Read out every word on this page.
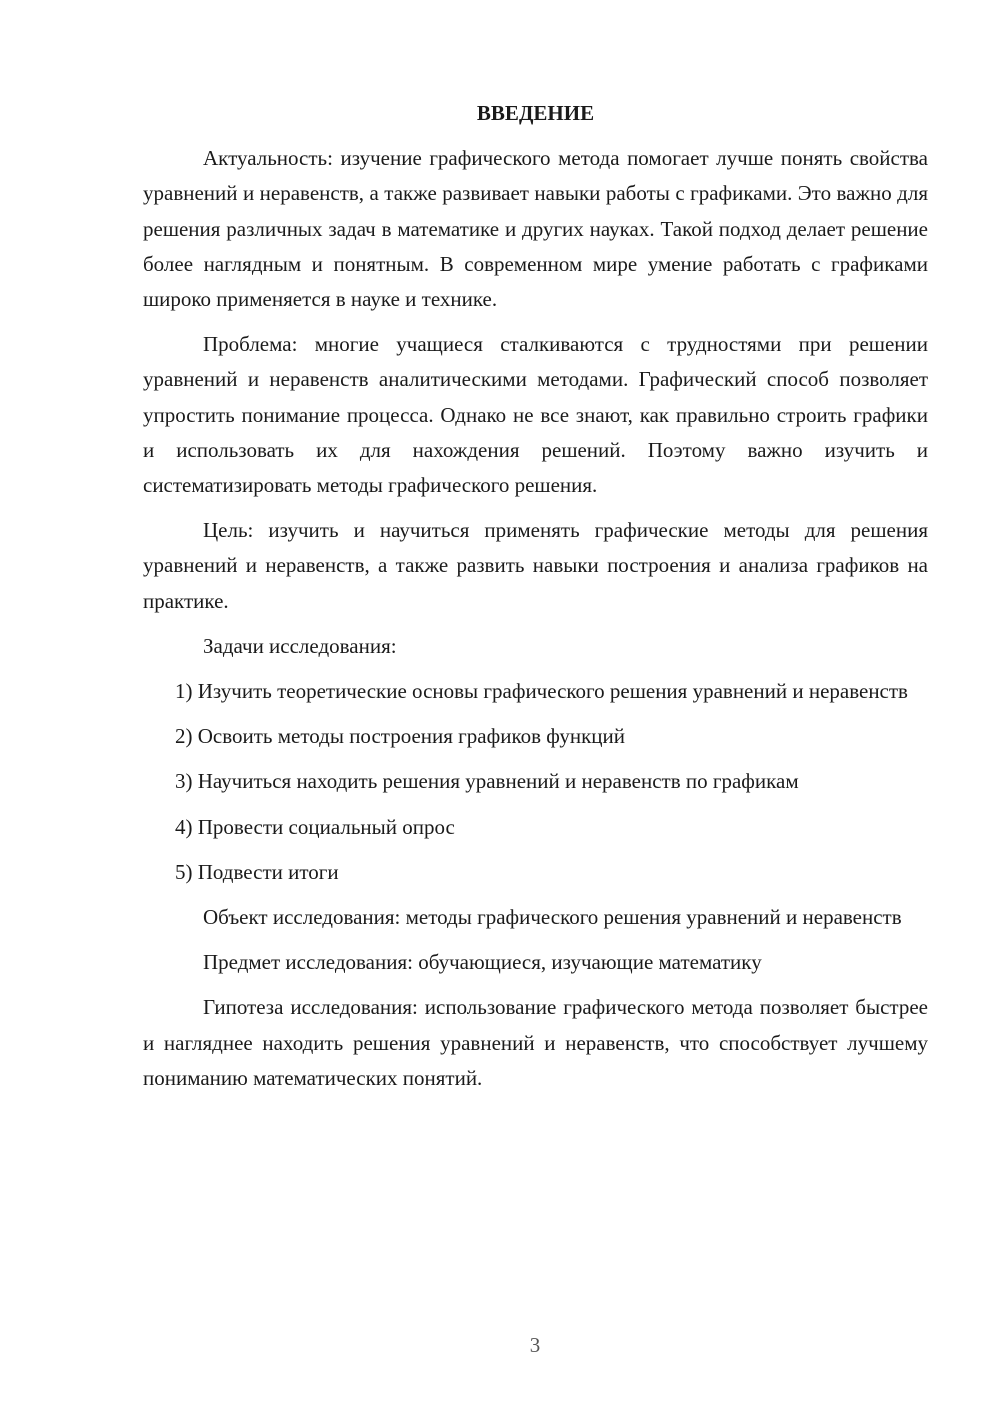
ВВЕДЕНИЕ

Актуальность: изучение графического метода помогает лучше понять свойства уравнений и неравенств, а также развивает навыки работы с графиками. Это важно для решения различных задач в математике и других науках. Такой подход делает решение более наглядным и понятным. В современном мире умение работать с графиками широко применяется в науке и технике.

Проблема: многие учащиеся сталкиваются с трудностями при решении уравнений и неравенств аналитическими методами. Графический способ позволяет упростить понимание процесса. Однако не все знают, как правильно строить графики и использовать их для нахождения решений. Поэтому важно изучить и систематизировать методы графического решения.

Цель: изучить и научиться применять графические методы для решения уравнений и неравенств, а также развить навыки построения и анализа графиков на практике.

Задачи исследования:

1) Изучить теоретические основы графического решения уравнений и неравенств

2) Освоить методы построения графиков функций

3) Научиться находить решения уравнений и неравенств по графикам

4) Провести социальный опрос

5) Подвести итоги

Объект исследования: методы графического решения уравнений и неравенств

Предмет исследования: обучающиеся, изучающие математику

Гипотеза исследования: использование графического метода позволяет быстрее и нагляднее находить решения уравнений и неравенств, что способствует лучшему пониманию математических понятий.

3
